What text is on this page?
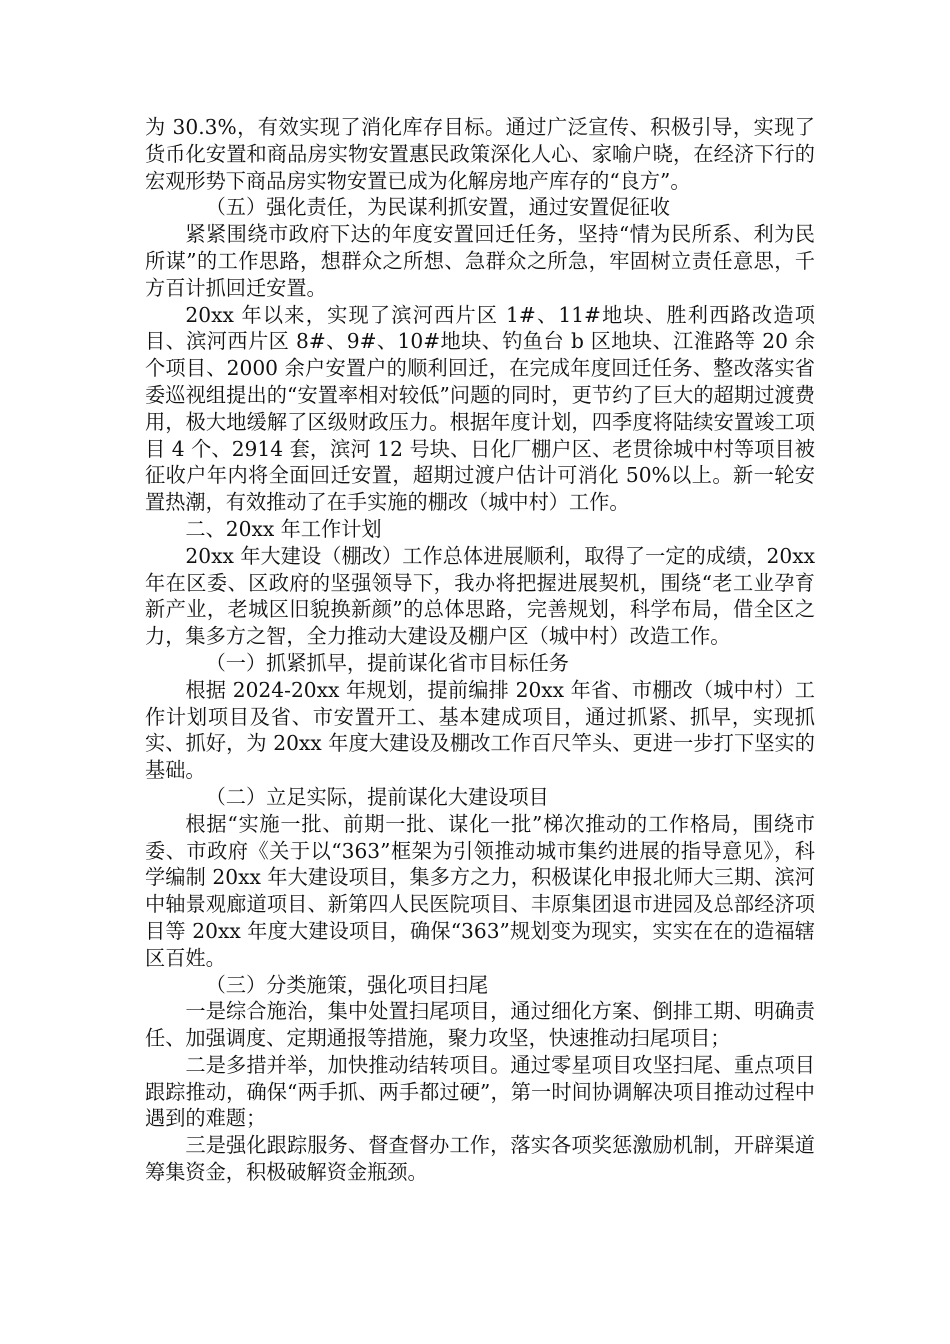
为 30.3%，有效实现了消化库存目标。通过广泛宣传、积极引导，实现了货币化安置和商品房实物安置惠民政策深化人心、家喻户晓，在经济下行的宏观形势下商品房实物安置已成为化解房地产库存的“良方”。

（五）强化责任，为民谋利抓安置，通过安置促征收

紧紧围绕市政府下达的年度安置回迁任务，坚持“情为民所系、利为民所谋”的工作思路，想群众之所想、急群众之所急，牢固树立责任意思，千方百计抓回迁安置。

20xx 年以来，实现了滨河西片区 1#、11#地块、胜利西路改造项目、滨河西片区 8#、9#、10#地块、钓鱼台 b 区地块、江淮路等 20 余个项目、2000 余户安置户的顺利回迁，在完成年度回迁任务、整改落实省委巡视组提出的“安置率相对较低”问题的同时，更节约了巨大的超期过渡费用，极大地缓解了区级财政压力。根据年度计划，四季度将陆续安置竣工项目 4 个、2914 套，滨河 12 号块、日化厂棚户区、老贯徐城中村等项目被征收户年内将全面回迁安置，超期过渡户估计可消化 50%以上。新一轮安置热潮，有效推动了在手实施的棚改（城中村）工作。

二、20xx 年工作计划

20xx 年大建设（棚改）工作总体进展顺利，取得了一定的成绩，20xx 年在区委、区政府的坚强领导下，我办将把握进展契机，围绕“老工业孕育新产业，老城区旧貌换新颜”的总体思路，完善规划，科学布局，借全区之力，集多方之智，全力推动大建设及棚户区（城中村）改造工作。

（一）抓紧抓早，提前谋化省市目标任务

根据 2024-20xx 年规划，提前编排 20xx 年省、市棚改（城中村）工作计划项目及省、市安置开工、基本建成项目，通过抓紧、抓早，实现抓实、抓好，为 20xx 年度大建设及棚改工作百尺竿头、更进一步打下坚实的基础。

（二）立足实际，提前谋化大建设项目

根据“实施一批、前期一批、谋化一批”梯次推动的工作格局，围绕市委、市政府《关于以“363”框架为引领推动城市集约进展的指导意见》，科学编制 20xx 年大建设项目，集多方之力，积极谋化申报北师大三期、滨河中轴景观廊道项目、新第四人民医院项目、丰原集团退市进园及总部经济项目等 20xx 年度大建设项目，确保“363”规划变为现实，实实在在的造福辖区百姓。

（三）分类施策，强化项目扫尾

一是综合施治，集中处置扫尾项目，通过细化方案、倒排工期、明确责任、加强调度、定期通报等措施，聚力攻坚，快速推动扫尾项目；

二是多措并举，加快推动结转项目。通过零星项目攻坚扫尾、重点项目跟踪推动，确保“两手抓、两手都过硬”，第一时间协调解决项目推动过程中遇到的难题；

三是强化跟踪服务、督查督办工作，落实各项奖惩激励机制，开辟渠道筹集资金，积极破解资金瓶颈。
